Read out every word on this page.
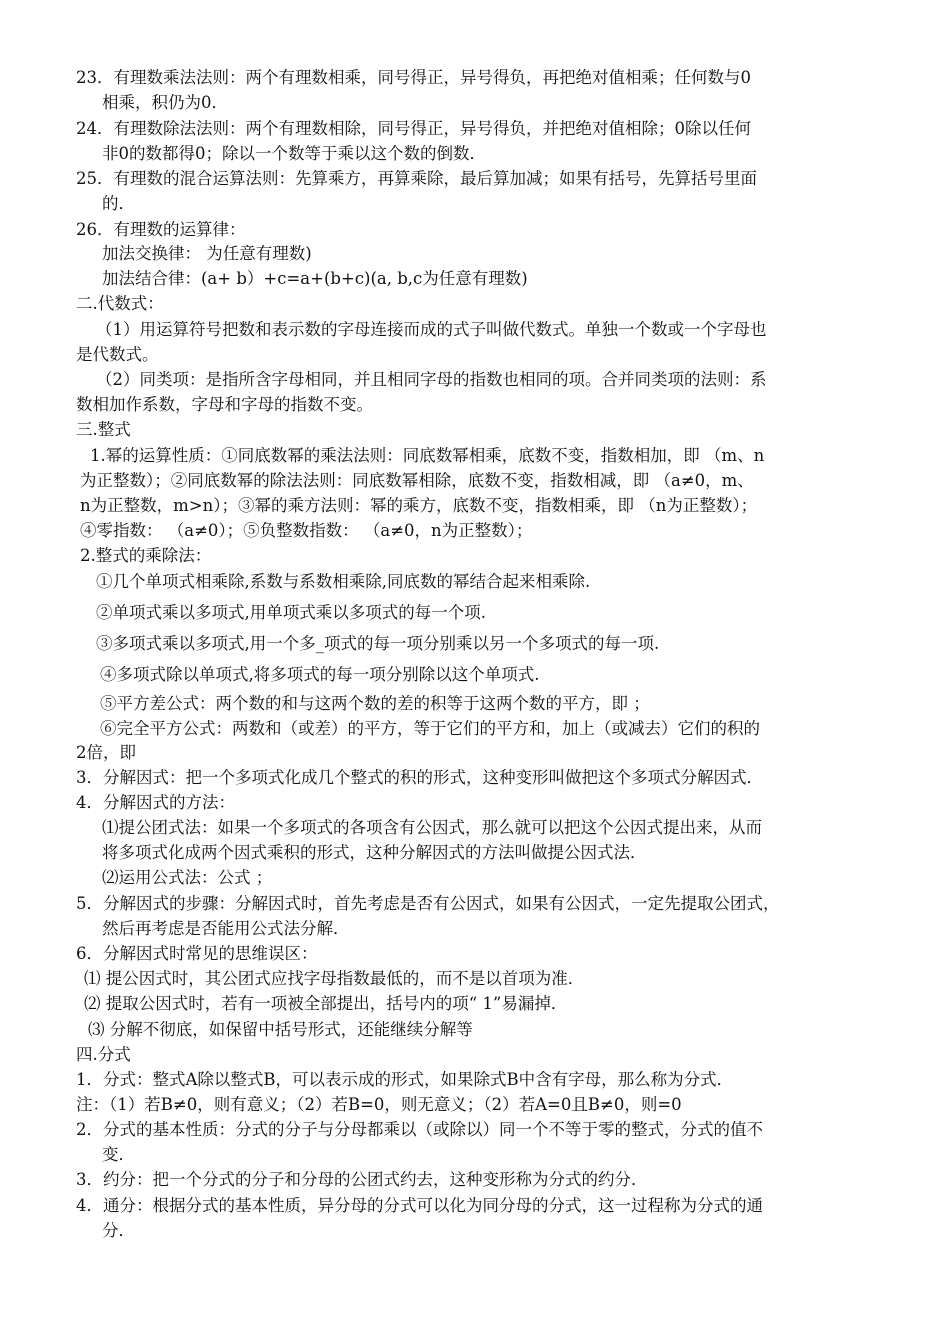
23．有理数乘法法则：两个有理数相乘，同号得正，异号得负，再把绝对值相乘；任何数与0
相乘，积仍为0．
24．有理数除法法则：两个有理数相除，同号得正，异号得负，并把绝对值相除；0除以任何
非0的数都得0；除以一个数等于乘以这个数的倒数．
25．有理数的混合运算法则：先算乘方，再算乘除，最后算加减；如果有括号，先算括号里面
的．
26．有理数的运算律：
加法交换律： 为任意有理数)
加法结合律：(a+ b）+c=a+(b+c)(a, b,c为任意有理数)
二.代数式：
（1）用运算符号把数和表示数的字母连接而成的式子叫做代数式。单独一个数或一个字母也
是代数式。
（2）同类项：是指所含字母相同，并且相同字母的指数也相同的项。合并同类项的法则：系
数相加作系数，字母和字母的指数不变。
三.整式
1.幂的运算性质：①同底数幂的乘法法则：同底数幂相乘，底数不变，指数相加，即 （m、n
为正整数）；②同底数幂的除法法则：同底数幂相除，底数不变，指数相减，即 （a≠0，m、
n为正整数，m>n）；③幂的乘方法则：幂的乘方，底数不变，指数相乘，即 （n为正整数）；
④零指数： （a≠0）；⑤负整数指数： （a≠0，n为正整数）；
2.整式的乘除法：
①几个单项式相乘除,系数与系数相乘除,同底数的幂结合起来相乘除.
②单项式乘以多项式,用单项式乘以多项式的每一个项.
③多项式乘以多项式,用一个多_项式的每一项分别乘以另一个多项式的每一项.
④多项式除以单项式,将多项式的每一项分别除以这个单项式.
⑤平方差公式：两个数的和与这两个数的差的积等于这两个数的平方，即 ；
⑥完全平方公式：两数和（或差）的平方，等于它们的平方和，加上（或减去）它们的积的
2倍，即
3．分解因式：把一个多项式化成几个整式的积的形式，这种变形叫做把这个多项式分解因式．
4．分解因式的方法：
⑴提公团式法：如果一个多项式的各项含有公因式，那么就可以把这个公因式提出来，从而
将多项式化成两个因式乘积的形式，这种分解因式的方法叫做提公因式法．
⑵运用公式法：公式 ；
5．分解因式的步骤：分解因式时，首先考虑是否有公因式，如果有公因式，一定先提取公团式，
然后再考虑是否能用公式法分解．
6．分解因式时常见的思维误区：
⑴ 提公因式时，其公团式应找字母指数最低的，而不是以首项为准．
⑵ 提取公因式时，若有一项被全部提出，括号内的项“ 1”易漏掉．
⑶ 分解不彻底，如保留中括号形式，还能继续分解等
四.分式
1．分式：整式A除以整式B，可以表示成的形式，如果除式B中含有字母，那么称为分式．
注：（1）若B≠0，则有意义；（2）若B=0，则无意义；（2）若A=0且B≠0，则=0
2．分式的基本性质：分式的分子与分母都乘以（或除以）同一个不等于零的整式，分式的值不
变．
3．约分：把一个分式的分子和分母的公团式约去，这种变形称为分式的约分．
4．通分：根据分式的基本性质，异分母的分式可以化为同分母的分式，这一过程称为分式的通
分．
